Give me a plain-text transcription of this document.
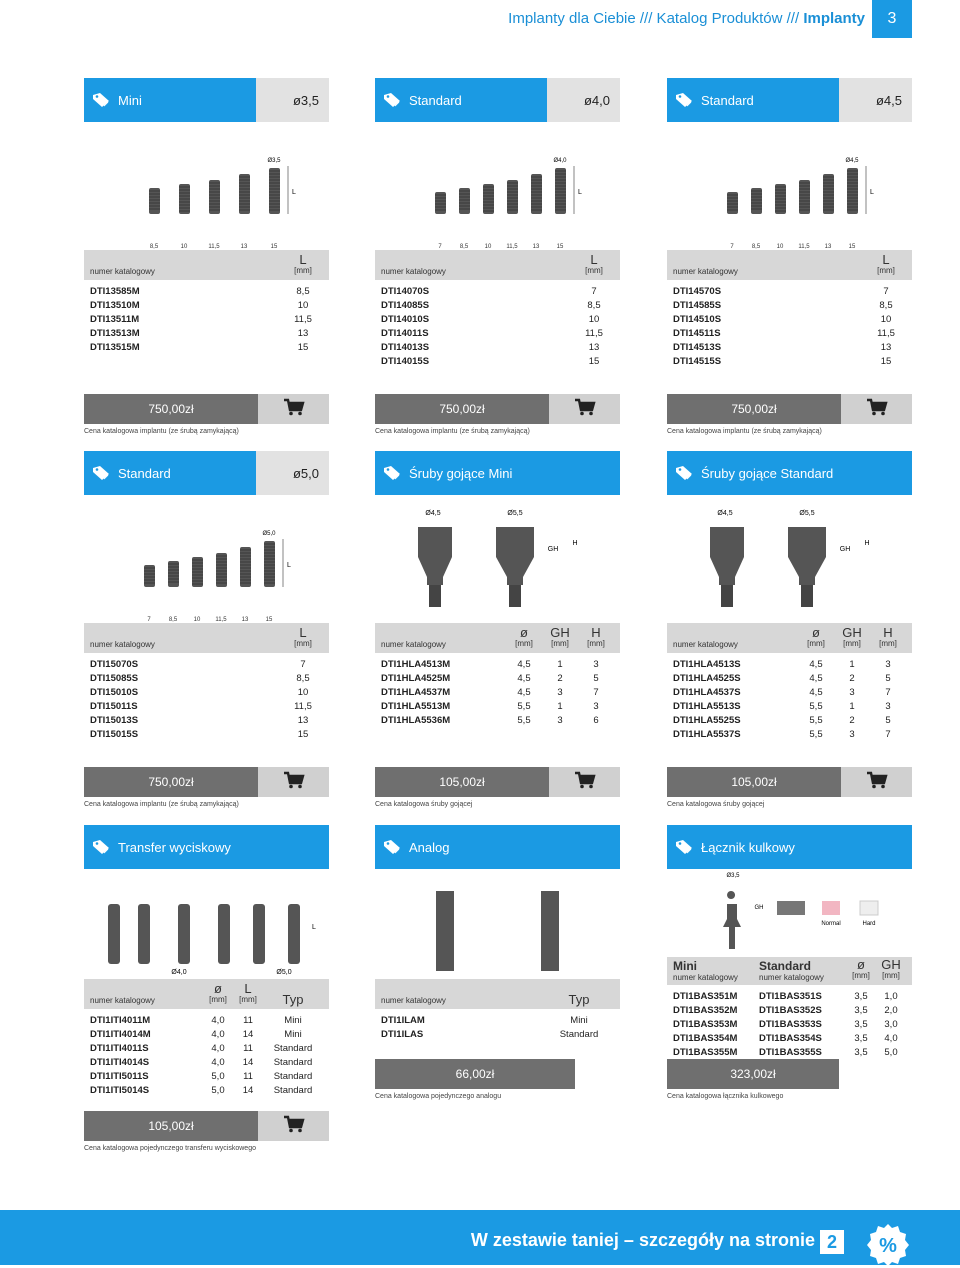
Implanty dla Ciebie /// Katalog Produktów /// Implanty	3
Mini	ø3,5
8,5	10	11,5	13	15
Ø3,5
L
numer katalogowy
L
[mm]
DTI13585M	8,5
DTI13510M	10
DTI13511M	11,5
DTI13513M	13
DTI13515M	15
750,00zł
Cena katalogowa implantu (ze śrubą zamykającą)
Standard	ø4,0
7	8,5	10	11,5	13	15
Ø4,0
L
numer katalogowy
L
[mm]
DTI14070S	7
DTI14085S	8,5
DTI14010S	10
DTI14011S	11,5
DTI14013S	13
DTI14015S	15
750,00zł
Cena katalogowa implantu (ze śrubą zamykającą)
Standard	ø4,5
7	8,5	10	11,5	13	15
Ø4,5
L
numer katalogowy
L
[mm]
DTI14570S	7
DTI14585S	8,5
DTI14510S	10
DTI14511S	11,5
DTI14513S	13
DTI14515S	15
750,00zł
Cena katalogowa implantu (ze śrubą zamykającą)
Standard	ø5,0
7	8,5	10	11,5	13	15
Ø5,0
L
numer katalogowy
L
[mm]
DTI15070S	7
DTI15085S	8,5
DTI15010S	10
DTI15011S	11,5
DTI15013S	13
DTI15015S	15
750,00zł
Cena katalogowa implantu (ze śrubą zamykającą)
Śruby gojące Mini
Ø4,5	Ø5,5
GH
H
numer katalogowy
ø
[mm]
GH
[mm]
H
[mm]
DTI1HLA4513M	4,5	1	3
DTI1HLA4525M	4,5	2	5
DTI1HLA4537M	4,5	3	7
DTI1HLA5513M	5,5	1	3
DTI1HLA5536M	5,5	3	6
105,00zł
Cena katalogowa śruby gojącej
Śruby gojące Standard
Ø4,5	Ø5,5
GH
H
numer katalogowy
ø
[mm]
GH
[mm]
H
[mm]
DTI1HLA4513S	4,5	1	3
DTI1HLA4525S	4,5	2	5
DTI1HLA4537S	4,5	3	7
DTI1HLA5513S	5,5	1	3
DTI1HLA5525S	5,5	2	5
DTI1HLA5537S	5,5	3	7
105,00zł
Cena katalogowa śruby gojącej
Transfer wyciskowy
Ø4,0	Ø5,0
L
numer katalogowy
ø
[mm]
L
[mm]	Typ
DTI1ITI4011M	4,0	11	Mini
DTI1ITI4014M	4,0	14	Mini
DTI1ITI4011S	4,0	11	Standard
DTI1ITI4014S	4,0	14	Standard
DTI1ITI5011S	5,0	11	Standard
DTI1ITI5014S	5,0	14	Standard
105,00zł
Cena katalogowa pojedynczego transferu wyciskowego
Analog
numer katalogowy	Typ
DTI1ILAM	Mini
DTI1ILAS	Standard
66,00zł
Cena katalogowa pojedynczego analogu
Łącznik kulkowy
Ø3,5
GH
Normal	Hard
Mini
numer katalogowy
Standard
numer katalogowy
ø
[mm]
GH
[mm]
DTI1BAS351M	DTI1BAS351S	3,5	1,0
DTI1BAS352M	DTI1BAS352S	3,5	2,0
DTI1BAS353M	DTI1BAS353S	3,5	3,0
DTI1BAS354M	DTI1BAS354S	3,5	4,0
DTI1BAS355M	DTI1BAS355S	3,5	5,0
323,00zł
Cena katalogowa łącznika kulkowego
W zestawie taniej – szczegóły na stronie 2	%
